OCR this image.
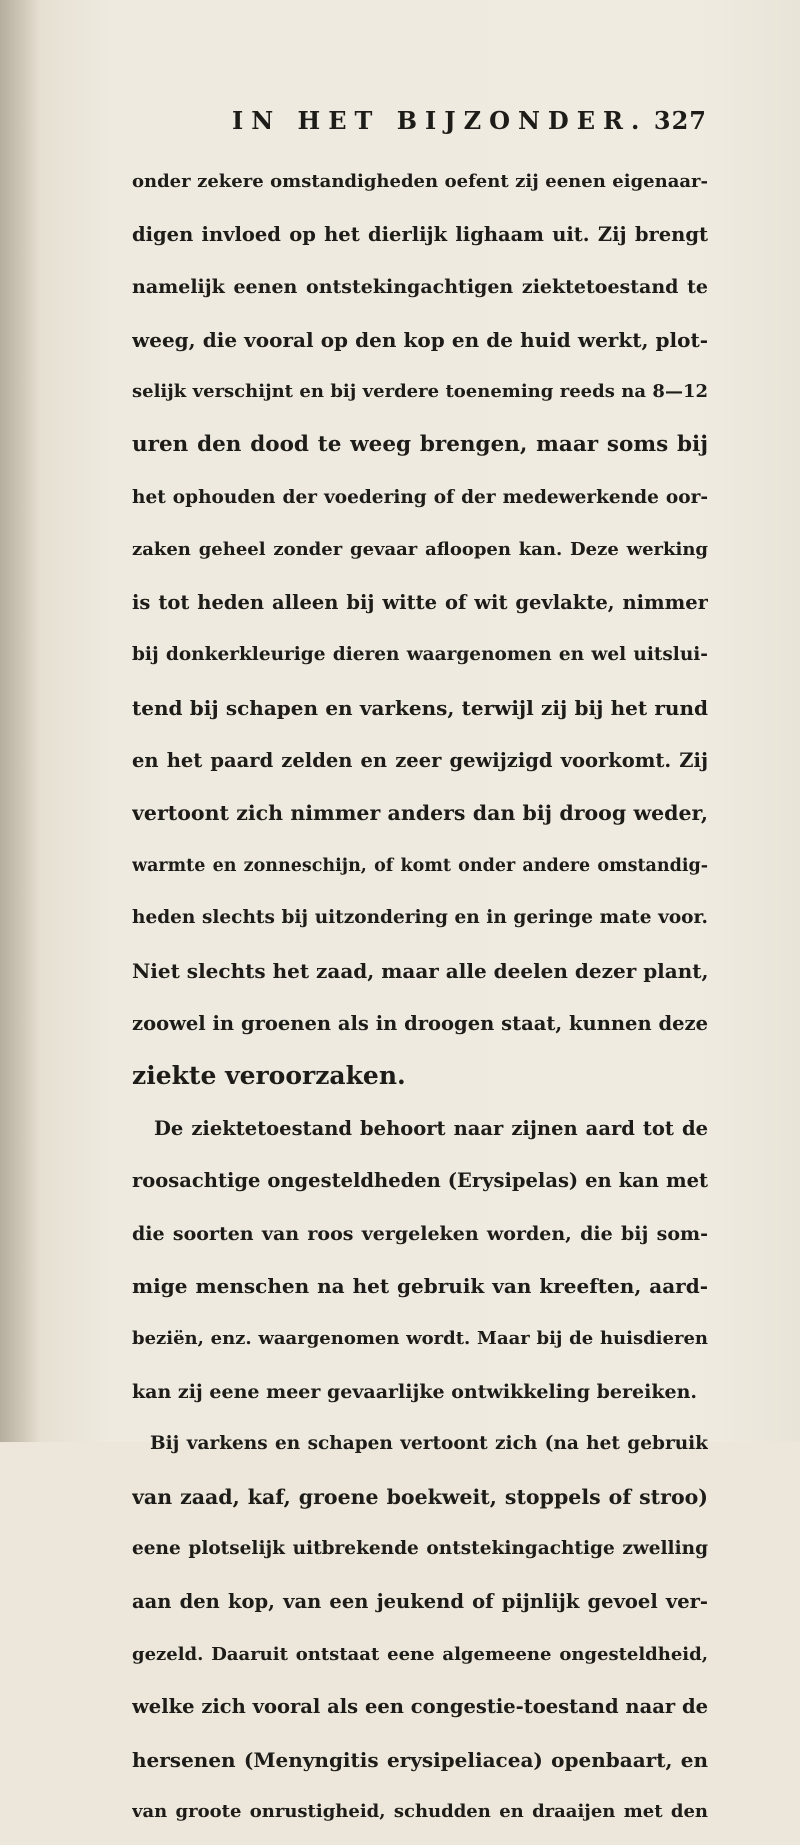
IN HET BIJZONDER. 327
onder zekere omstandigheden oefent zij eenen eigenaar-
digen invloed op het dierlijk lighaam uit. Zij brengt
namelijk eenen ontstekingachtigen ziektetoestand te
weeg, die vooral op den kop en de huid werkt, plot-
selijk verschijnt en bij verdere toeneming reeds na 8—12
uren den dood te weeg brengen, maar soms bij
het ophouden der voedering of der medewerkende oor-
zaken geheel zonder gevaar afloopen kan. Deze werking
is tot heden alleen bij witte of wit gevlakte, nimmer
bij donkerkleurige dieren waargenomen en wel uitslui-
tend bij schapen en varkens, terwijl zij bij het rund
en het paard zelden en zeer gewijzigd voorkomt. Zij
vertoont zich nimmer anders dan bij droog weder,
warmte en zonneschijn, of komt onder andere omstandig-
heden slechts bij uitzondering en in geringe mate voor.
Niet slechts het zaad, maar alle deelen dezer plant,
zoowel in groenen als in droogen staat, kunnen deze
ziekte veroorzaken.
De ziektetoestand behoort naar zijnen aard tot de
roosachtige ongesteldheden (Erysipelas) en kan met
die soorten van roos vergeleken worden, die bij som-
mige menschen na het gebruik van kreeften, aard-
beziën, enz. waargenomen wordt. Maar bij de huisdieren
kan zij eene meer gevaarlijke ontwikkeling bereiken.
Bij varkens en schapen vertoont zich (na het gebruik
van zaad, kaf, groene boekweit, stoppels of stroo)
eene plotselijk uitbrekende ontstekingachtige zwelling
aan den kop, van een jeukend of pijnlijk gevoel ver-
gezeld. Daaruit ontstaat eene algemeene ongesteldheid,
welke zich vooral als een congestie-toestand naar de
hersenen (Menyngitis erysipeliacea) openbaart, en
van groote onrustigheid, schudden en draaijen met den
